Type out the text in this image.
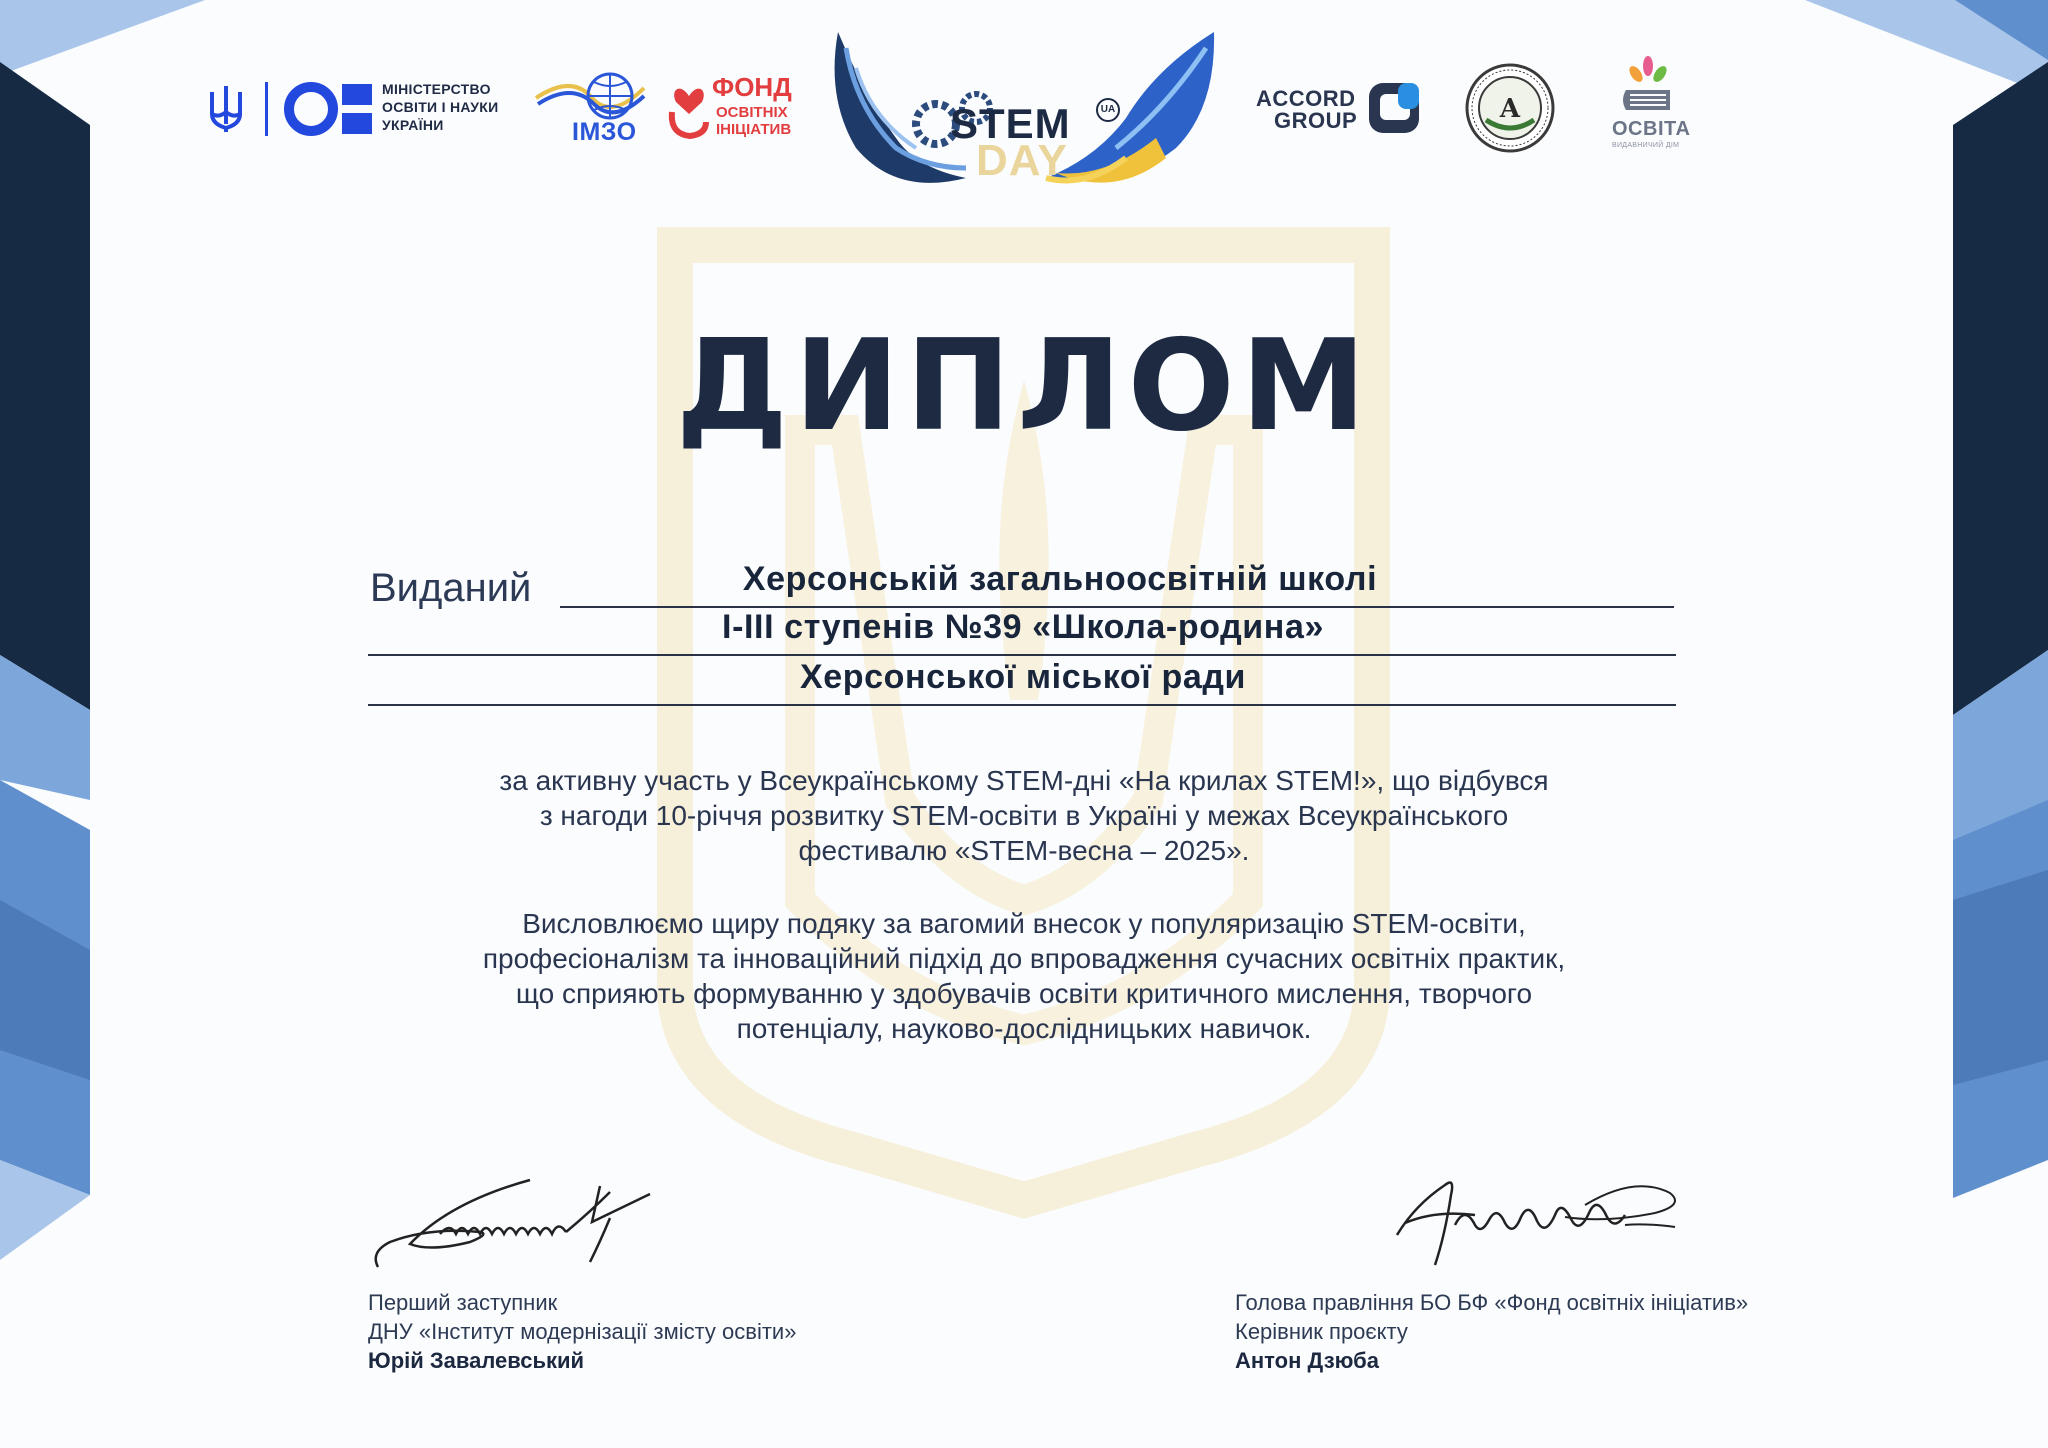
МІНІСТЕРСТВО
ОСВІТИ І НАУКИ
УКРАЇНИ	ІМЗО
ФОНД
ОСВІТНІХ
ІНІЦІАТИВ	STEM	UA
DAY
ACCORD
GROUP	А
ОСВІТА
ВИДАВНИЧИЙ ДІМ
ДИПЛОМ
Виданий	Херсонській загальноосвітній школі
І-ІІІ ступенів №39 «Школа-родина»
Херсонської міської ради
за активну участь у Всеукраїнському STEM-дні «На крилах STEM!», що відбувся
з нагоди 10-річчя розвитку STEM-освіти в Україні у межах Всеукраїнського
фестивалю «STEM-весна – 2025».
Висловлюємо щиру подяку за вагомий внесок у популяризацію STEM-освіти,
професіоналізм та інноваційний підхід до впровадження сучасних освітніх практик,
що сприяють формуванню у здобувачів освіти критичного мислення, творчого
потенціалу, науково-дослідницьких навичок.
Перший заступник
ДНУ «Інститут модернізації змісту освіти»
Юрій Завалевський
Голова правління БО БФ «Фонд освітніх ініціатив»
Керівник проєкту
Антон Дзюба
